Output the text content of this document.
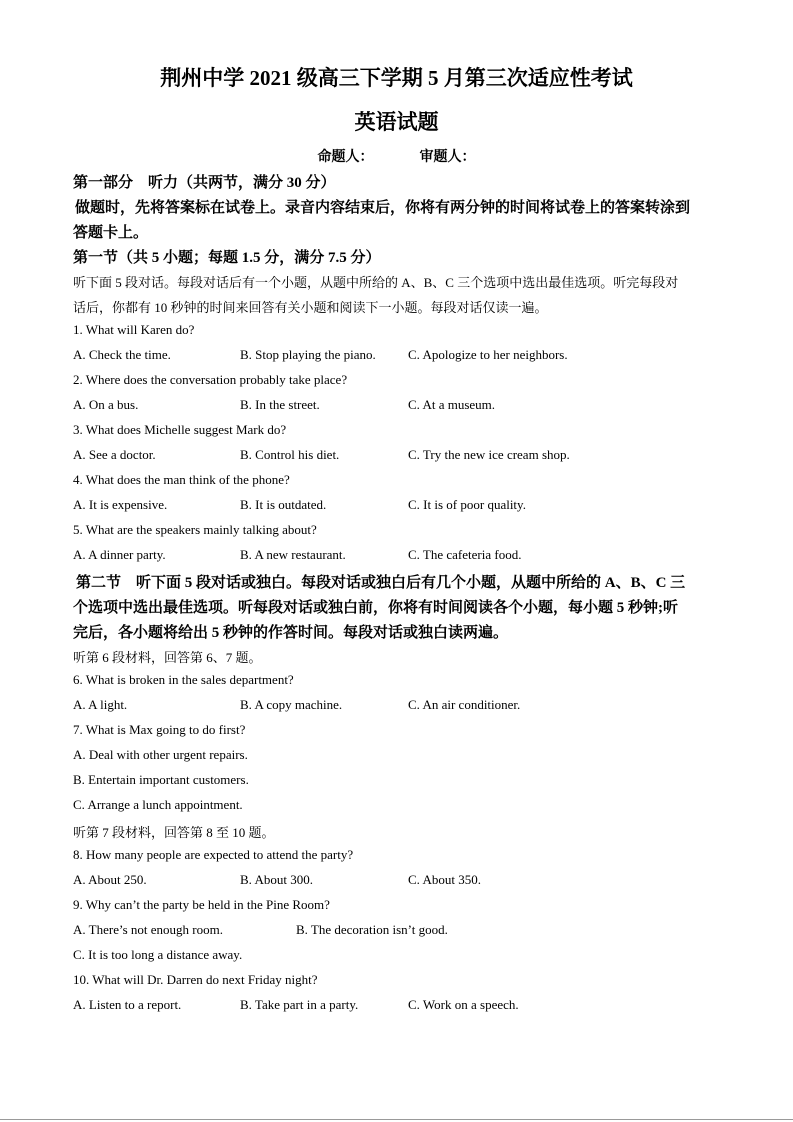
荆州中学 2021 级高三下学期 5 月第三次适应性考试
英语试题
命题人：	审题人：
第一部分　听力（共两节，满分 30 分）
做题时，先将答案标在试卷上。录音内容结束后，你将有两分钟的时间将试卷上的答案转涂到
答题卡上。
第一节（共 5 小题；每题 1.5 分，满分 7.5 分）
听下面 5 段对话。每段对话后有一个小题，从题中所给的 A、B、C 三个选项中选出最佳选项。听完每段对
话后，你都有 10 秒钟的时间来回答有关小题和阅读下一小题。每段对话仅读一遍。
1. What will Karen do?
A. Check the time.	B. Stop playing the piano. C. Apologize to her neighbors.
2. Where does the conversation probably take place?
A. On a bus.	B. In the street.	C. At a museum.
3. What does Michelle suggest Mark do?
A. See a doctor.	B. Control his diet.	C. Try the new ice cream shop.
4. What does the man think of the phone?
A. It is expensive.	B. It is outdated.	C. It is of poor quality.
5. What are the speakers mainly talking about?
A. A dinner party.	B. A new restaurant.	C. The cafeteria food.
第二节　听下面 5 段对话或独白。每段对话或独白后有几个小题，从题中所给的 A、B、C 三
个选项中选出最佳选项。听每段对话或独白前，你将有时间阅读各个小题，每小题 5 秒钟;听
完后，各小题将给出 5 秒钟的作答时间。每段对话或独白读两遍。
听第 6 段材料，回答第 6、7 题。
6. What is broken in the sales department?
A. A light.	B. A copy machine.	C. An air conditioner.
7. What is Max going to do first?
A. Deal with other urgent repairs.
B. Entertain important customers.
C. Arrange a lunch appointment.
听第 7 段材料，回答第 8 至 10 题。
8. How many people are expected to attend the party?
A. About 250.	B. About 300.	C. About 350.
9. Why can’t the party be held in the Pine Room?
A. There’s not enough room.	B. The decoration isn’t good.
C. It is too long a distance away.
10. What will Dr. Darren do next Friday night?
A. Listen to a report.	B. Take part in a party.	C. Work on a speech.
